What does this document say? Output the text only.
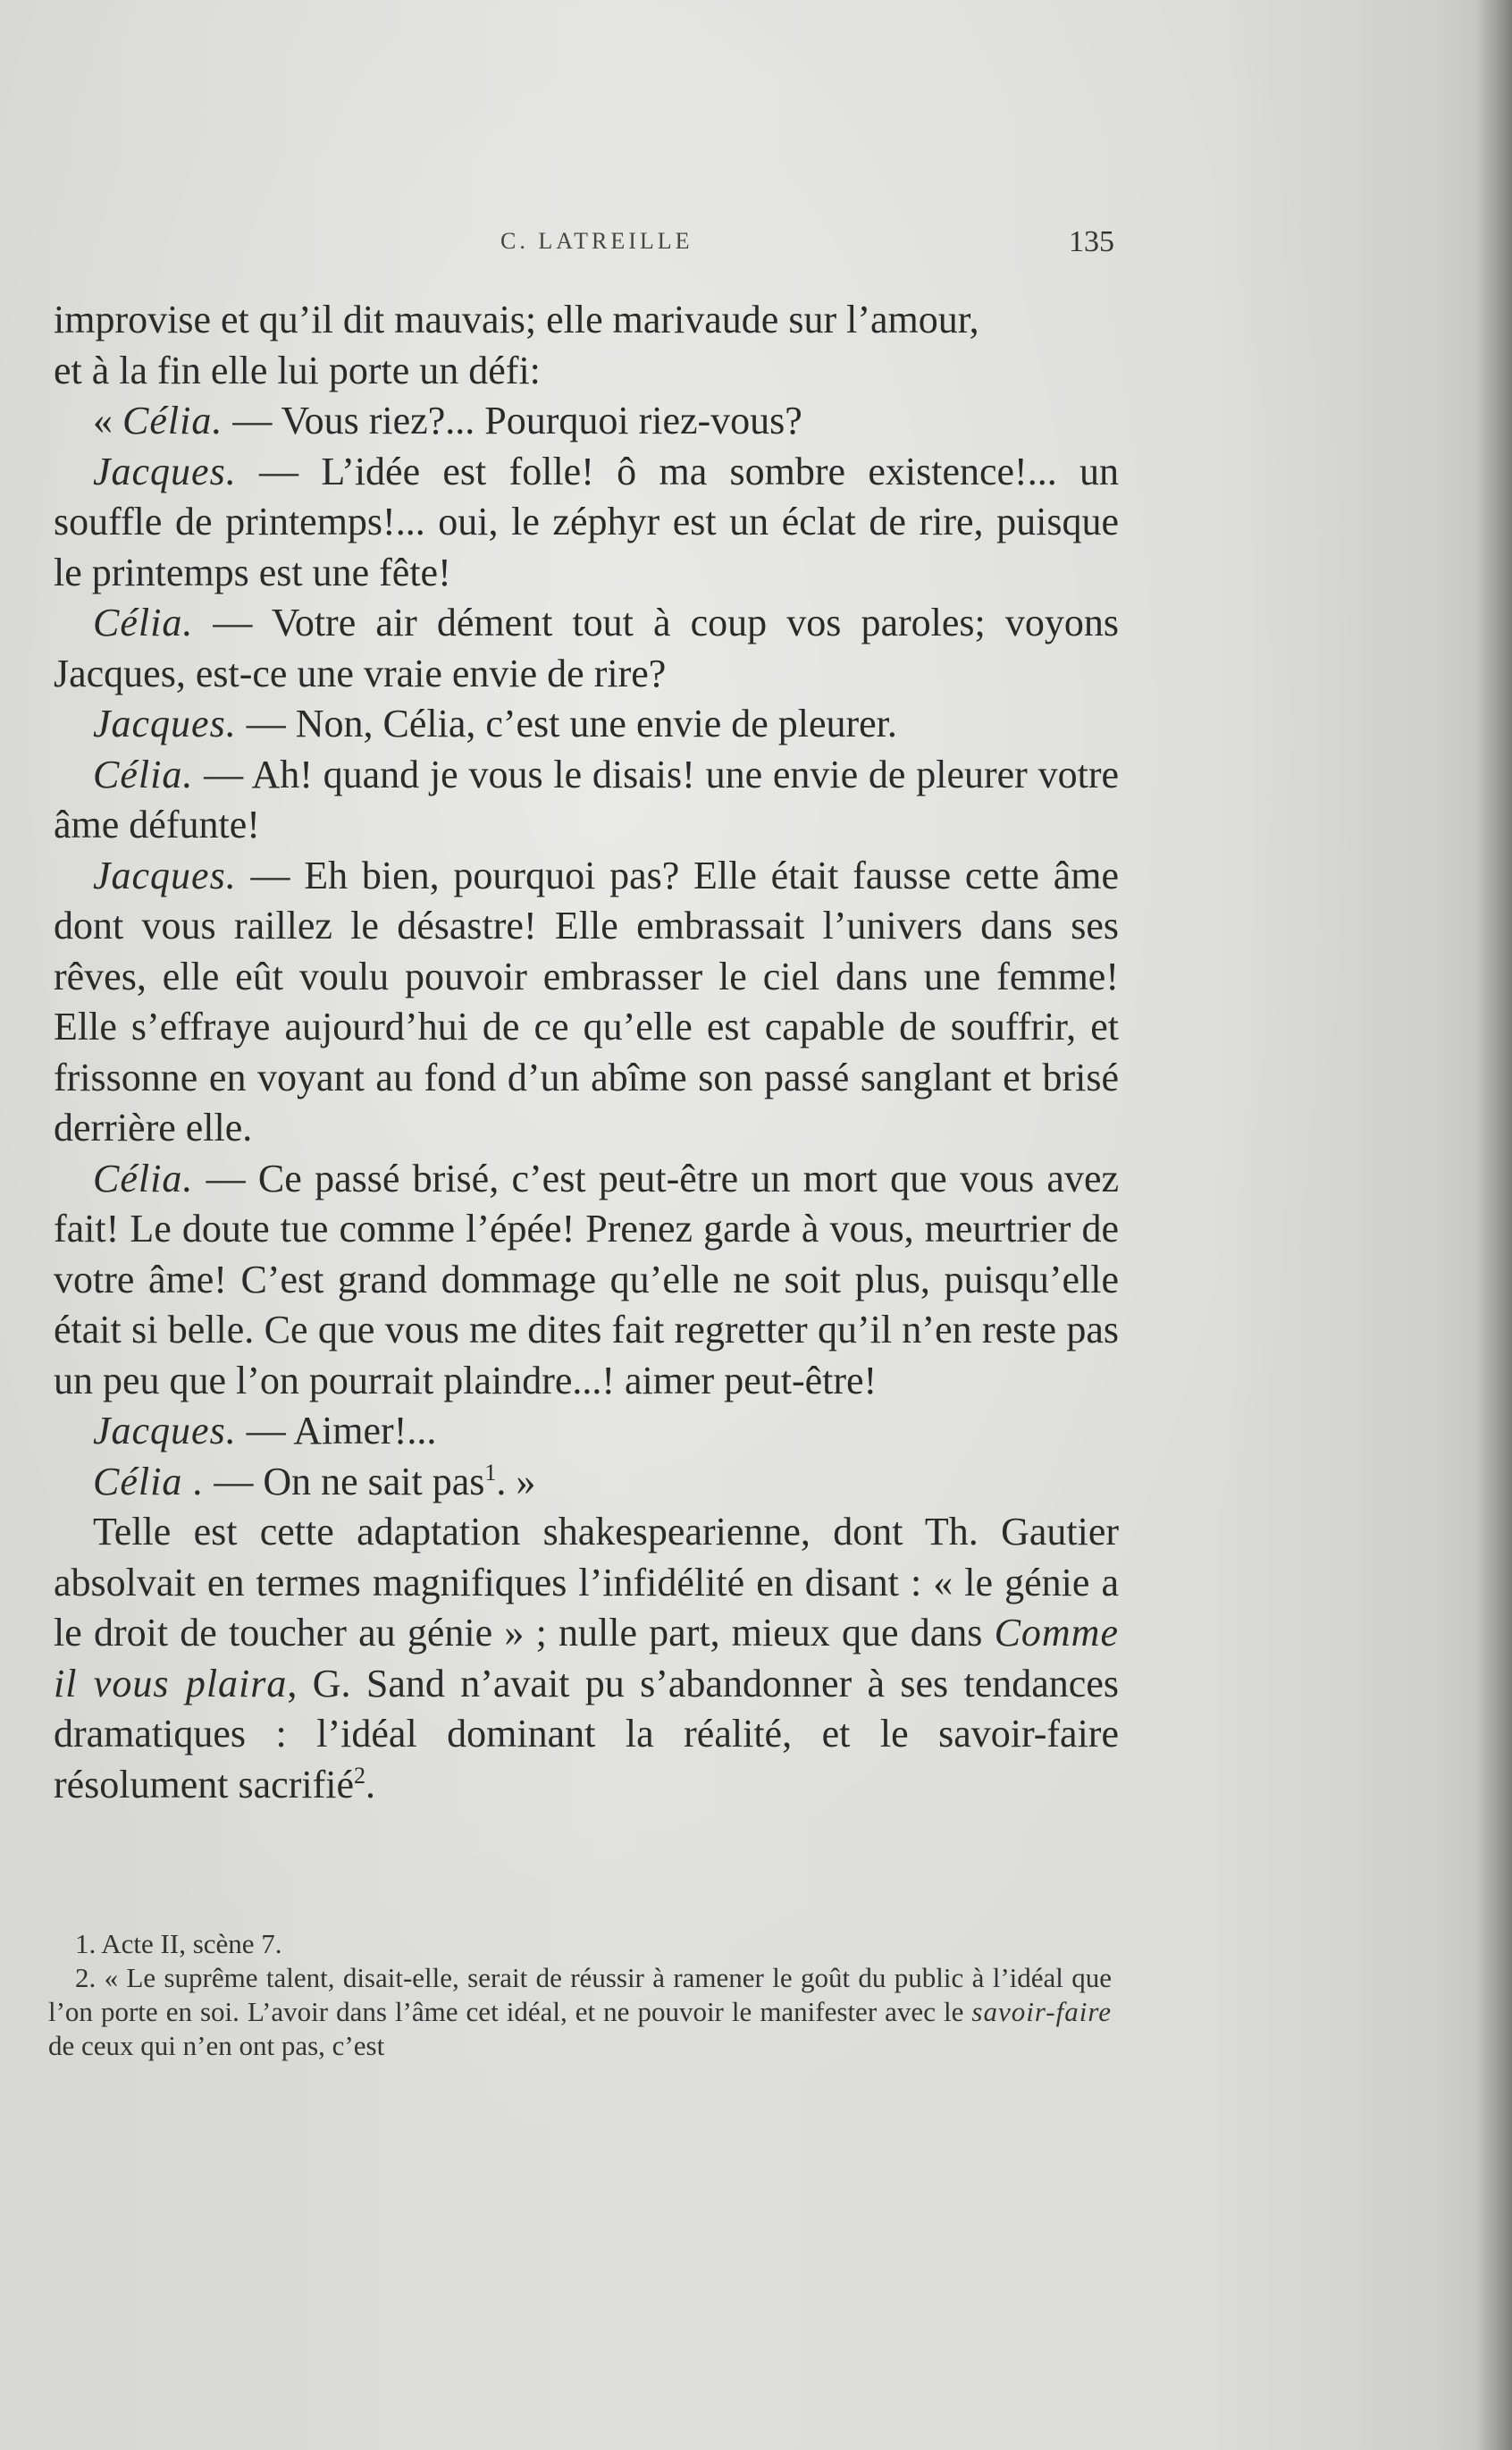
C. LATREILLE	135

improvise et qu’il dit mauvais; elle marivaude sur l’amour,

et à la fin elle lui porte un défi:

« Célia. — Vous riez?... Pourquoi riez-vous?

Jacques. — L’idée est folle! ô ma sombre existence!... un souffle de printemps!... oui, le zéphyr est un éclat de rire, puisque le printemps est une fête!

Célia. — Votre air dément tout à coup vos paroles; voyons Jacques, est-ce une vraie envie de rire?

Jacques. — Non, Célia, c’est une envie de pleurer.

Célia. — Ah! quand je vous le disais! une envie de pleurer votre âme défunte!

Jacques. — Eh bien, pourquoi pas? Elle était fausse cette âme dont vous raillez le désastre! Elle embrassait l’univers dans ses rêves, elle eût voulu pouvoir embrasser le ciel dans une femme! Elle s’effraye aujourd’hui de ce qu’elle est capable de souffrir, et frissonne en voyant au fond d’un abîme son passé sanglant et brisé derrière elle.

Célia. — Ce passé brisé, c’est peut-être un mort que vous avez fait! Le doute tue comme l’épée! Prenez garde à vous, meurtrier de votre âme! C’est grand dommage qu’elle ne soit plus, puisqu’elle était si belle. Ce que vous me dites fait regretter qu’il n’en reste pas un peu que l’on pourrait plaindre...! aimer peut-être!

Jacques. — Aimer!...

Célia . — On ne sait pas$^1$. »

Telle est cette adaptation shakespearienne, dont Th. Gautier absolvait en termes magnifiques l’infidélité en disant : « le génie a le droit de toucher au génie » ; nulle part, mieux que dans Comme il vous plaira, G. Sand n’avait pu s’abandonner à ses tendances dramatiques : l’idéal dominant la réalité, et le savoir-faire résolument sacrifié$^2$.

1. Acte II, scène 7.

2. « Le suprême talent, disait-elle, serait de réussir à ramener le goût du public à l’idéal que l’on porte en soi. L’avoir dans l’âme cet idéal, et ne pouvoir le manifester avec le savoir-faire de ceux qui n’en ont pas, c’est
